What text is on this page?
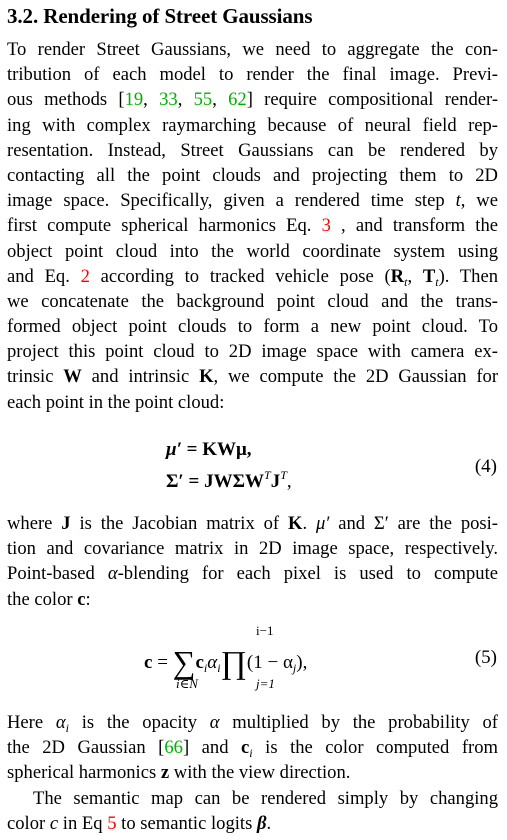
3.2. Rendering of Street Gaussians
To render Street Gaussians, we need to aggregate the con-
tribution of each model to render the final image. Previ-
ous methods [19, 33, 55, 62] require compositional render-
ing with complex raymarching because of neural field rep-
resentation. Instead, Street Gaussians can be rendered by
contacting all the point clouds and projecting them to 2D
image space. Specifically, given a rendered time step t, we
first compute spherical harmonics Eq. 3 , and transform the
object point cloud into the world coordinate system using
and Eq. 2 according to tracked vehicle pose ($R_t$, $T_t$). Then
we concatenate the background point cloud and the trans-
formed object point clouds to form a new point cloud. To
project this point cloud to 2D image space with camera ex-
trinsic W and intrinsic K, we compute the 2D Gaussian for
each point in the point cloud:
μ′ = KWμ,
$\Sigma' = JW\Sigma W^TJ^T$,
(4)
where J is the Jacobian matrix of K. μ′ and Σ′ are the posi-
tion and covariance matrix in 2D image space, respectively.
Point-based α-blending for each pixel is used to compute
the color c:
i−1
$c = \sum c_i\alpha_i\prod(1 - \alpha_j)$,
i∈N	j=1
(5)
Here $\alpha_i$ is the opacity α multiplied by the probability of
the 2D Gaussian [66] and $c_i$ is the color computed from
spherical harmonics z with the view direction.
The semantic map can be rendered simply by changing
color c in Eq 5 to semantic logits β.
